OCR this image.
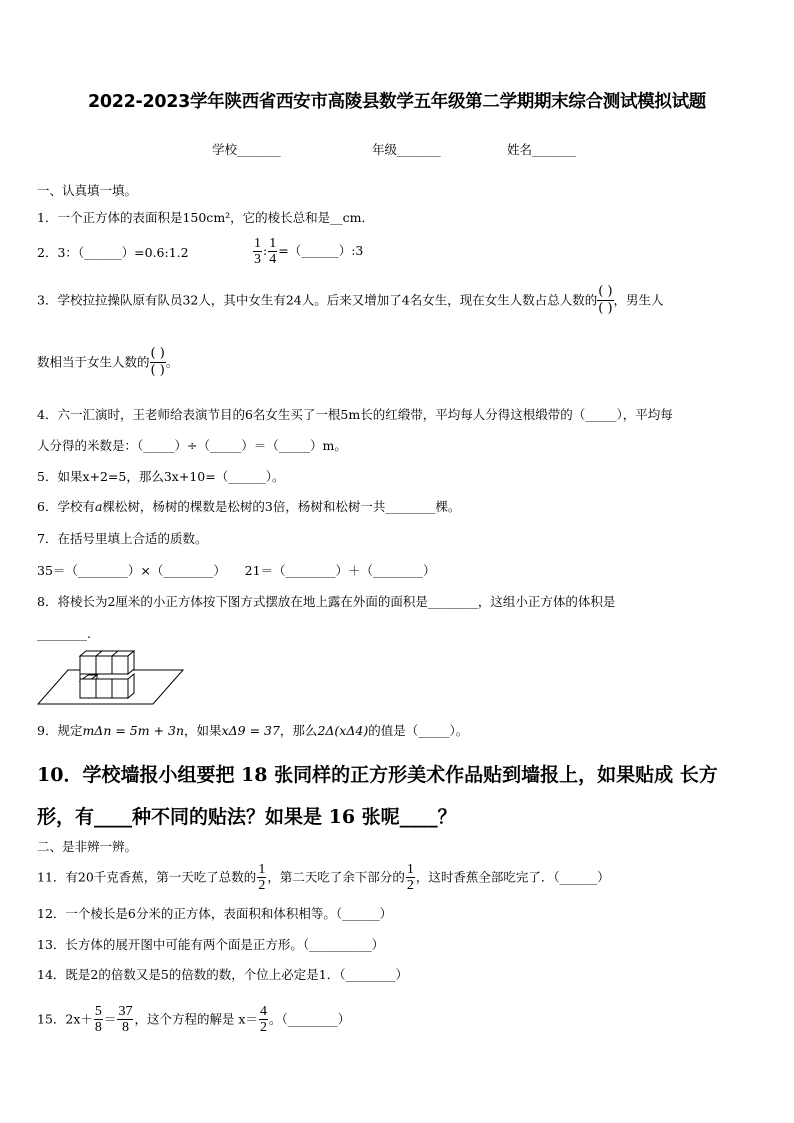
2022-2023学年陕西省西安市高陵县数学五年级第二学期期末综合测试模拟试题
学校_______	年级_______	姓名_______
一、认真填一填。
1．一个正方体的表面积是150cm²，它的棱长总和是__cm．
2．3：（______）=0.6:1.2	$\frac{1}{3}$ : $\frac{1}{4}$ =（______）:3
3．学校拉拉操队原有队员32人，其中女生有24人。后来又增加了4名女生，现在女生人数占总人数的
( )
( )
，男生人
数相当于女生人数的
( )
( )
。
4．六一汇演时，王老师给表演节目的6名女生买了一根5m长的红缎带，平均每人分得这根缎带的（_____），平均每
人分得的米数是：（_____）÷（_____）＝（_____）m。
5．如果x+2=5，那么3x+10=（______）。
6．学校有a棵松树，杨树的棵数是松树的3倍，杨树和松树一共________棵。
7．在括号里填上合适的质数。
35＝（________）×（________）　　21＝（________）＋（________）
8．将棱长为2厘米的小正方体按下图方式摆放在地上露在外面的面积是________，这组小正方体的体积是
________.
9．规定mΔn = 5m + 3n，如果xΔ9 = 37，那么2Δ(xΔ4)的值是（_____）。
10．学校墙报小组要把 18 张同样的正方形美术作品贴到墙报上，如果贴成 长方
形，有____种不同的贴法？如果是 16 张呢____？
二、是非辨一辨。
11．有20千克香蕉，第一天吃了总数的 $\frac{1}{2}$ ，第二天吃了余下部分的 $\frac{1}{2}$ ，这时香蕉全部吃完了．（______）
12．一个棱长是6分米的正方体，表面积和体积相等。（______）
13．长方体的展开图中可能有两个面是正方形。（__________）
14．既是2的倍数又是5的倍数的数，个位上必定是1．（________）
15．$2x+ \frac{5}{8} = \frac{37}{8}$ ，这个方程的解是 $x= \frac{4}{2}$ 。（________）
